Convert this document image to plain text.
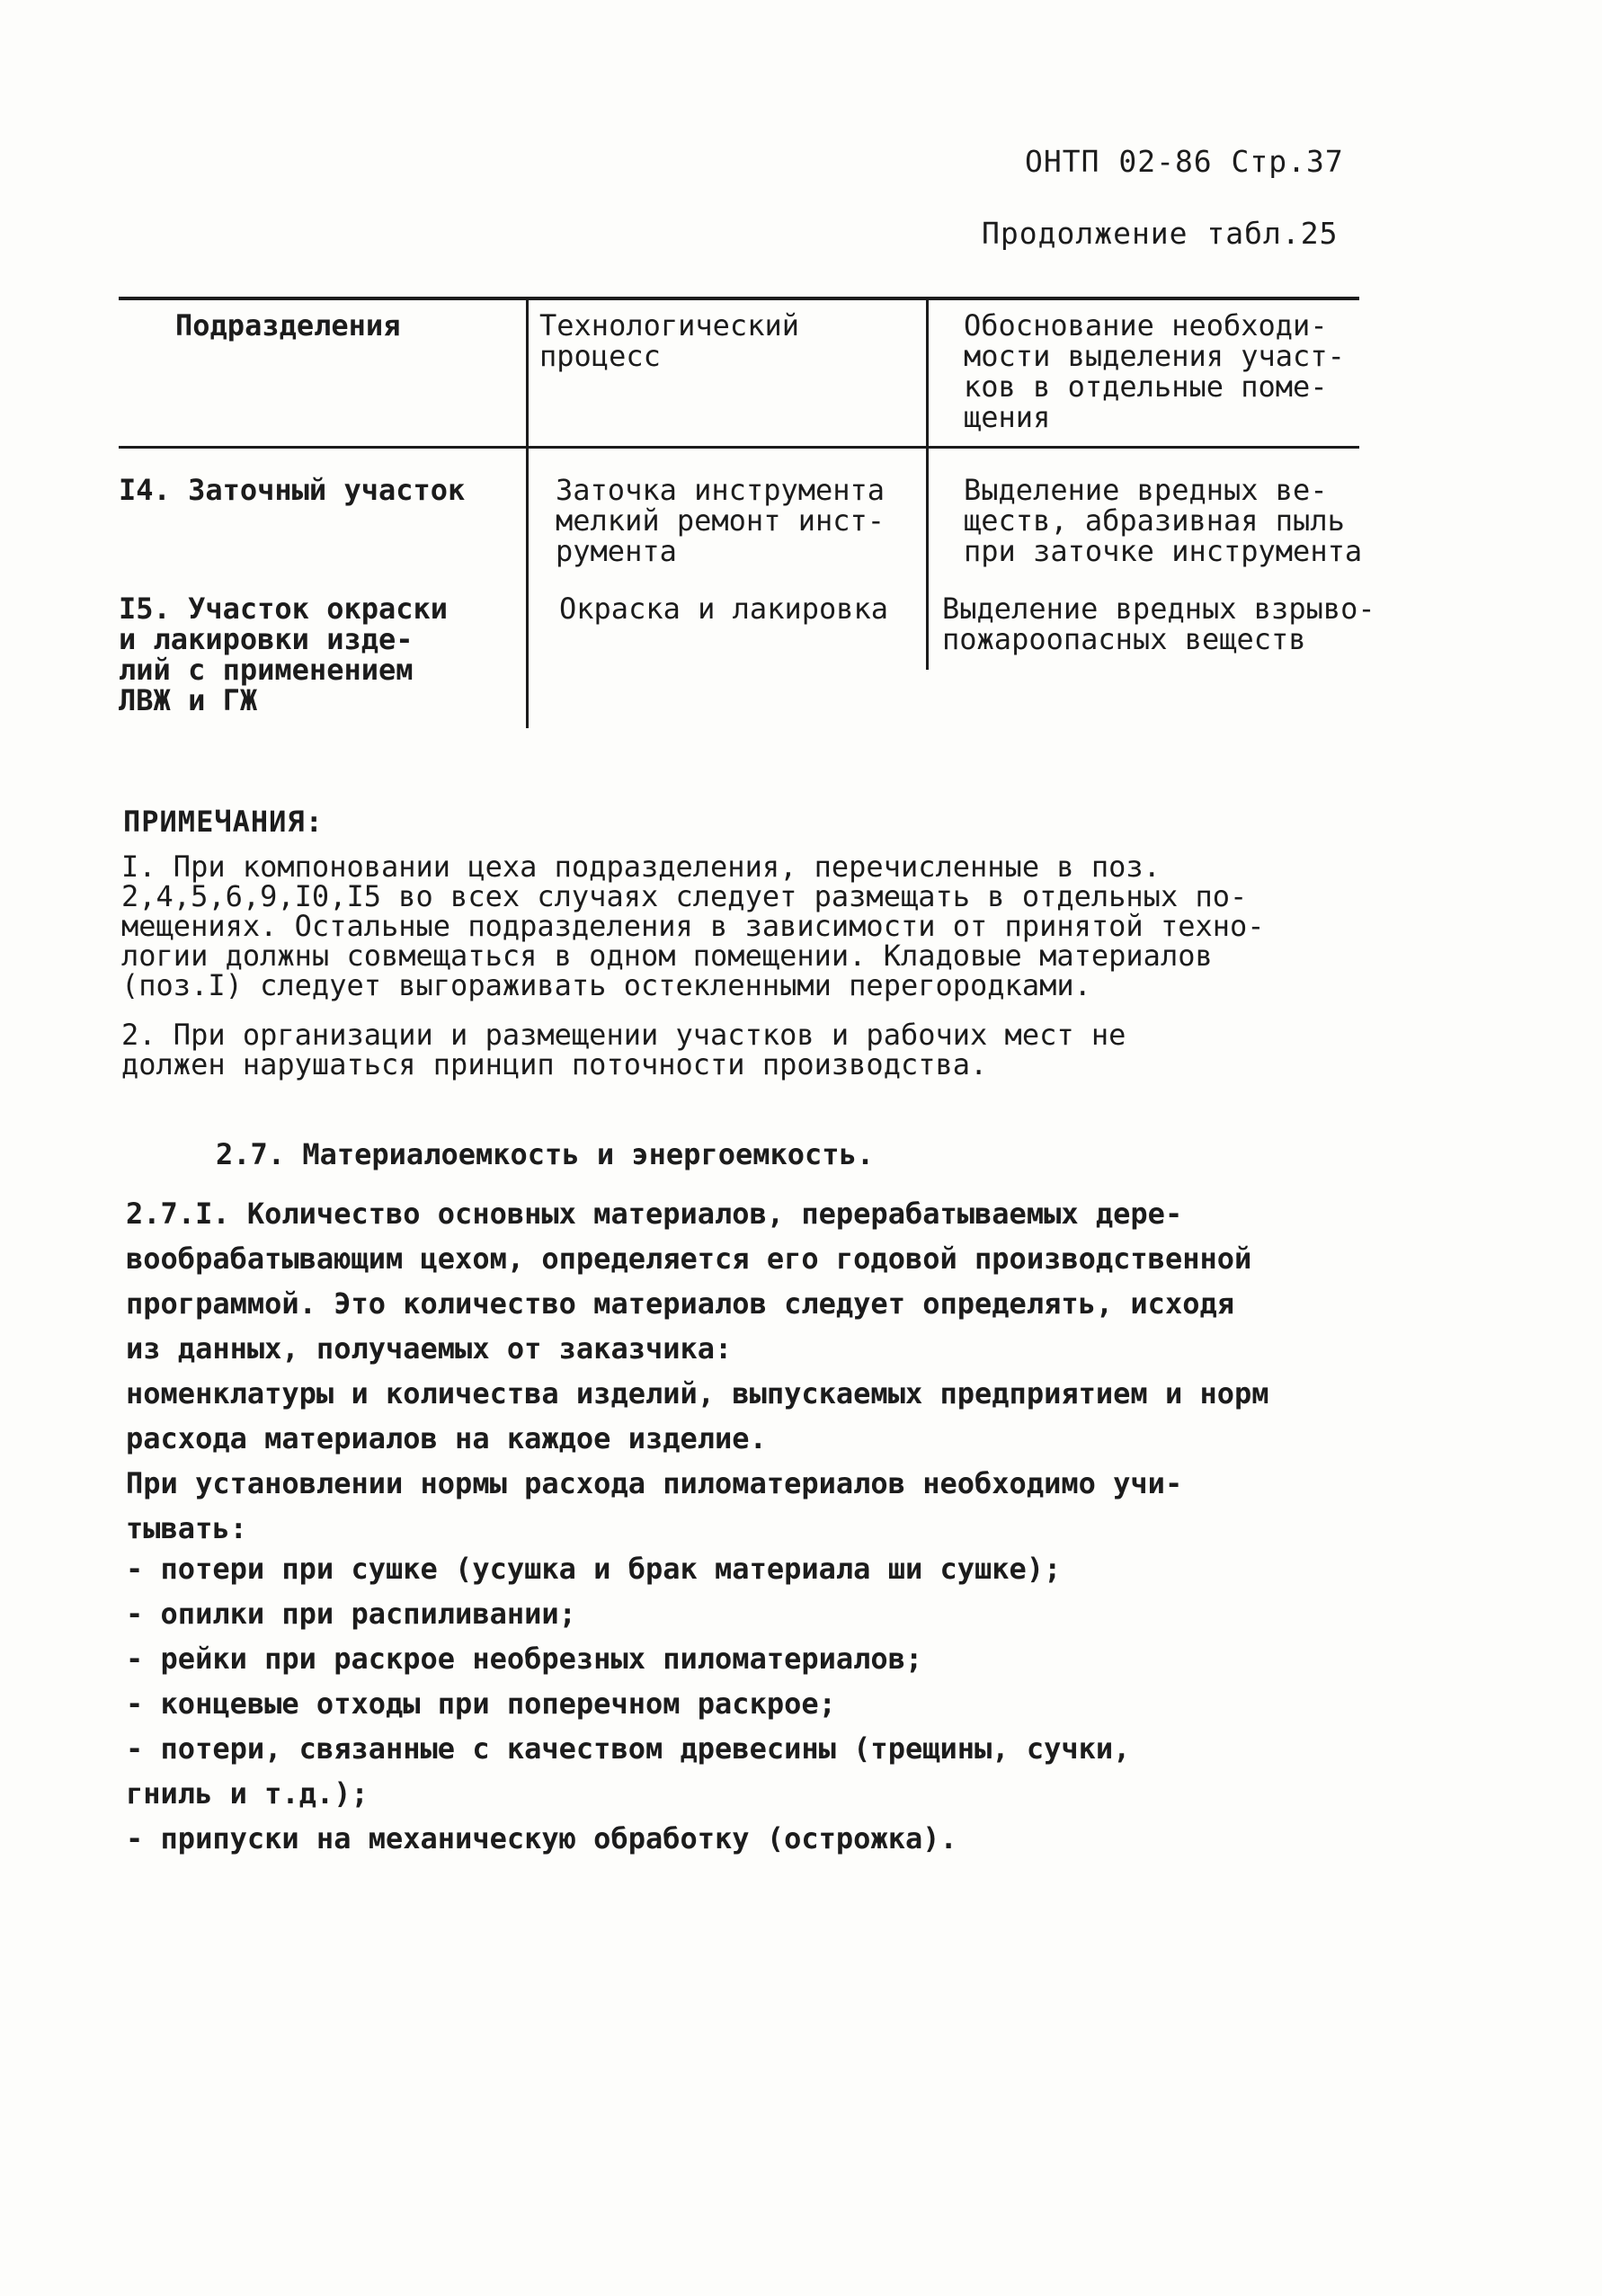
ОНТП 02-86 Стр.37
Продолжение табл.25
Подразделения	Технологический
процесс
Обоснование необходи-
мости выделения участ-
ков в отдельные поме-
щения
I4. Заточный участок	Заточка инструмента
мелкий ремонт инст-
румента
Выделение вредных ве-
ществ, абразивная пыль
при заточке инструмента
I5. Участок окраски
и лакировки изде-
лий с применением
ЛВЖ и ГЖ
Окраска и лакировка Выделение вредных взрыво-
пожароопасных веществ
ПРИМЕЧАНИЯ:
I. При компоновании цеха подразделения, перечисленные в поз.
2,4,5,6,9,I0,I5 во всех случаях следует размещать в отдельных по-
мещениях. Остальные подразделения в зависимости от принятой техно-
логии должны совмещаться в одном помещении. Кладовые материалов
(поз.I) следует выгораживать остекленными перегородками.
2. При организации и размещении участков и рабочих мест не
должен нарушаться принцип поточности производства.
2.7. Материалоемкость и энергоемкость.
2.7.I. Количество основных материалов, перерабатываемых дере-
вообрабатывающим цехом, определяется его годовой производственной
программой. Это количество материалов следует определять, исходя
из данных, получаемых от заказчика:
номенклатуры и количества изделий, выпускаемых предприятием и норм
расхода материалов на каждое изделие.
При установлении нормы расхода пиломатериалов необходимо учи-
тывать:
- потери при сушке (усушка и брак материала ши сушке);
- опилки при распиливании;
- рейки при раскрое необрезных пиломатериалов;
- концевые отходы при поперечном раскрое;
- потери, связанные с качеством древесины (трещины, сучки,
гниль и т.д.);
- припуски на механическую обработку (острожка).
